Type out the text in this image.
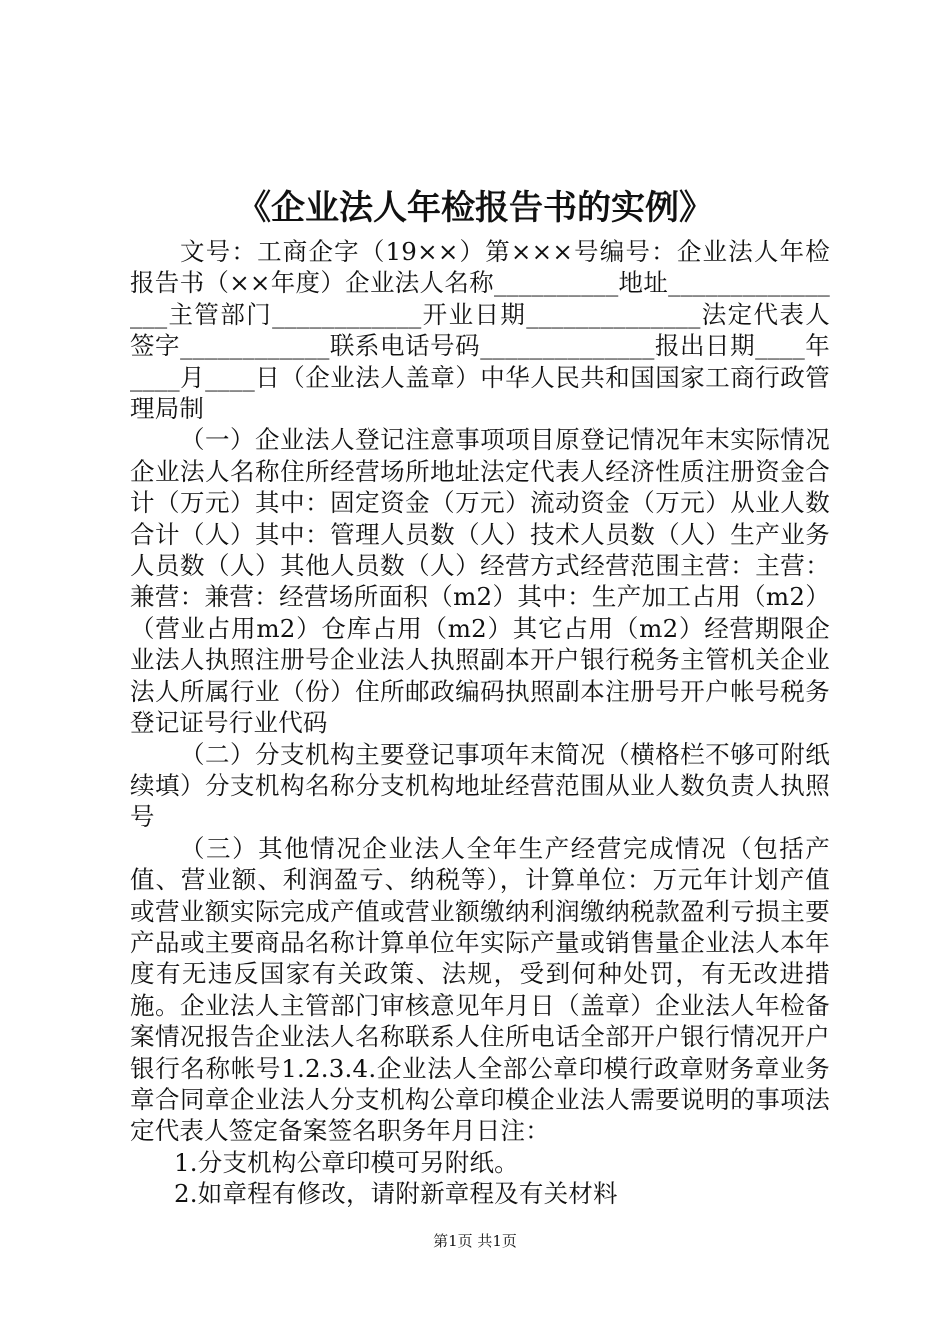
《企业法人年检报告书的实例》

文号：工商企字（19××）第×××号编号：企业法人年检报告书（××年度）企业法人名称__________地址________________主管部门____________开业日期______________法定代表人签字____________联系电话号码______________报出日期____年____月____日（企业法人盖章）中华人民共和国国家工商行政管理局制

（一）企业法人登记注意事项项目原登记情况年末实际情况企业法人名称住所经营场所地址法定代表人经济性质注册资金合计（万元）其中：固定资金（万元）流动资金（万元）从业人数合计（人）其中：管理人员数（人）技术人员数（人）生产业务人员数（人）其他人员数（人）经营方式经营范围主营：主营：兼营：兼营：经营场所面积（m2）其中：生产加工占用（m2）（营业占用m2）仓库占用（m2）其它占用（m2）经营期限企业法人执照注册号企业法人执照副本开户银行税务主管机关企业法人所属行业（份）住所邮政编码执照副本注册号开户帐号税务登记证号行业代码

（二）分支机构主要登记事项年末简况（横格栏不够可附纸续填）分支机构名称分支机构地址经营范围从业人数负责人执照号

（三）其他情况企业法人全年生产经营完成情况（包括产值、营业额、利润盈亏、纳税等），计算单位：万元年计划产值或营业额实际完成产值或营业额缴纳利润缴纳税款盈利亏损主要产品或主要商品名称计算单位年实际产量或销售量企业法人本年度有无违反国家有关政策、法规，受到何种处罚，有无改进措施。企业法人主管部门审核意见年月日（盖章）企业法人年检备案情况报告企业法人名称联系人住所电话全部开户银行情况开户银行名称帐号1.2.3.4.企业法人全部公章印模行政章财务章业务章合同章企业法人分支机构公章印模企业法人需要说明的事项法定代表人签定备案签名职务年月日注：

1.分支机构公章印模可另附纸。

2.如章程有修改，请附新章程及有关材料

第1页 共1页
